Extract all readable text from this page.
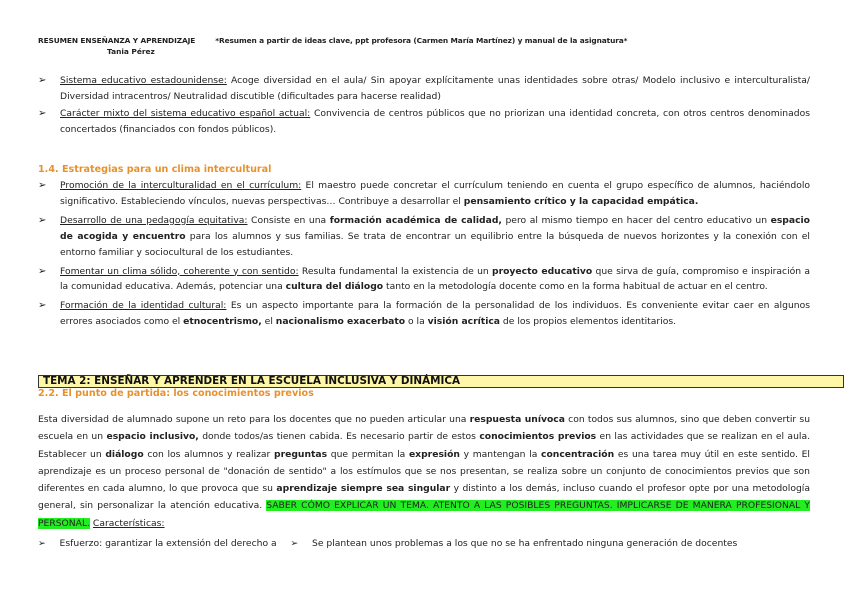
RESUMEN ENSEÑANZA Y APRENDIZAJE	*Resumen a partir de ideas clave, ppt profesora (Carmen María Martínez) y manual de la asignatura*
Tania Pérez
➢ Sistema educativo estadounidense: Acoge diversidad en el aula/ Sin apoyar explícitamente unas identidades sobre otras/ Modelo inclusivo e interculturalista/ Diversidad intracentros/ Neutralidad discutible (dificultades para hacerse realidad)
➢ Carácter mixto del sistema educativo español actual: Convivencia de centros públicos que no priorizan una identidad concreta, con otros centros denominados concertados (financiados con fondos públicos).
1.4. Estrategias para un clima intercultural
➢ Promoción de la interculturalidad en el currículum: El maestro puede concretar el currículum teniendo en cuenta el grupo específico de alumnos, haciéndolo significativo. Estableciendo vínculos, nuevas perspectivas… Contribuye a desarrollar el pensamiento crítico y la capacidad empática.
➢ Desarrollo de una pedagogía equitativa: Consiste en una formación académica de calidad, pero al mismo tiempo en hacer del centro educativo un espacio de acogida y encuentro para los alumnos y sus familias. Se trata de encontrar un equilibrio entre la búsqueda de nuevos horizontes y la conexión con el entorno familiar y sociocultural de los estudiantes.
➢ Fomentar un clima sólido, coherente y con sentido: Resulta fundamental la existencia de un proyecto educativo que sirva de guía, compromiso e inspiración a la comunidad educativa. Además, potenciar una cultura del diálogo tanto en la metodología docente como en la forma habitual de actuar en el centro.
➢ Formación de la identidad cultural: Es un aspecto importante para la formación de la personalidad de los individuos. Es conveniente evitar caer en algunos errores asociados como el etnocentrismo, el nacionalismo exacerbato o la visión acrítica de los propios elementos identitarios.
TEMA 2: ENSEÑAR Y APRENDER EN LA ESCUELA INCLUSIVA Y DINÁMICA
2.2. El punto de partida: los conocimientos previos
Esta diversidad de alumnado supone un reto para los docentes que no pueden articular una respuesta unívoca con todos sus alumnos, sino que deben convertir su escuela en un espacio inclusivo, donde todos/as tienen cabida. Es necesario partir de estos conocimientos previos en las actividades que se realizan en el aula. Establecer un diálogo con los alumnos y realizar preguntas que permitan la expresión y mantengan la concentración es una tarea muy útil en este sentido. El aprendizaje es un proceso personal de "donación de sentido" a los estímulos que se nos presentan, se realiza sobre un conjunto de conocimientos previos que son diferentes en cada alumno, lo que provoca que su aprendizaje siempre sea singular y distinto a los demás, incluso cuando el profesor opte por una metodología general, sin personalizar la atención educativa. SABER CÓMO EXPLICAR UN TEMA. ATENTO A LAS POSIBLES PREGUNTAS. IMPLICARSE DE MANERA PROFESIONAL Y PERSONAL. Características:
➢ Esfuerzo: garantizar la extensión del derecho a ➢ Se plantean unos problemas a los que no se ha enfrentado ninguna generación de docentes
